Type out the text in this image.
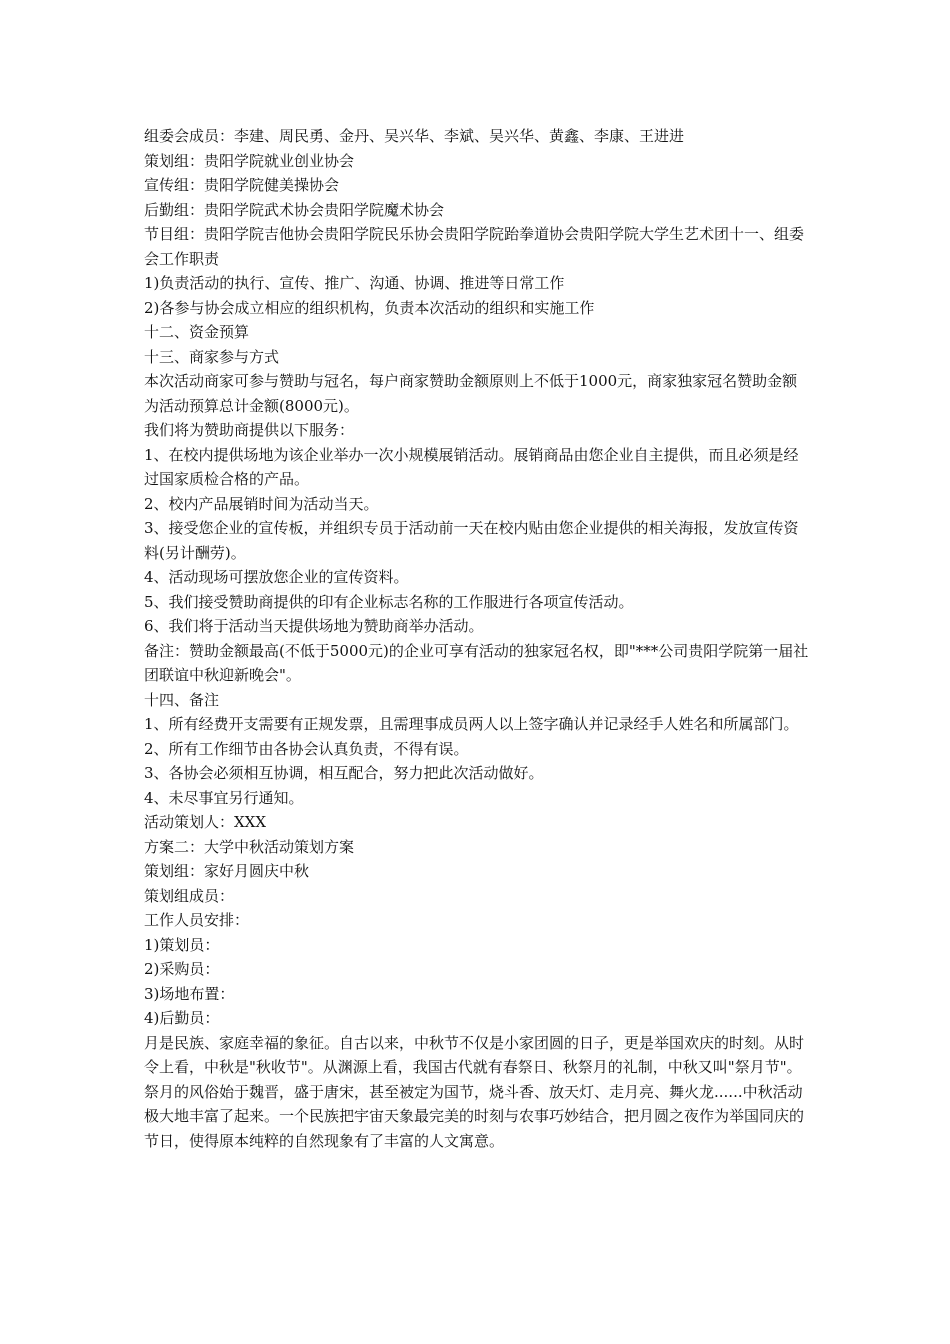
组委会成员：李建、周民勇、金丹、吴兴华、李斌、吴兴华、黄鑫、李康、王进进

策划组：贵阳学院就业创业协会

宣传组：贵阳学院健美操协会

后勤组：贵阳学院武术协会贵阳学院魔术协会

节目组：贵阳学院吉他协会贵阳学院民乐协会贵阳学院跆拳道协会贵阳学院大学生艺术团十一、组委会工作职责

1)负责活动的执行、宣传、推广、沟通、协调、推进等日常工作

2)各参与协会成立相应的组织机构，负责本次活动的组织和实施工作

十二、资金预算

十三、商家参与方式

本次活动商家可参与赞助与冠名，每户商家赞助金额原则上不低于1000元，商家独家冠名赞助金额为活动预算总计金额(8000元)。

我们将为赞助商提供以下服务：

1、在校内提供场地为该企业举办一次小规模展销活动。展销商品由您企业自主提供，而且必须是经过国家质检合格的产品。

2、校内产品展销时间为活动当天。

3、接受您企业的宣传板，并组织专员于活动前一天在校内贴由您企业提供的相关海报，发放宣传资料(另计酬劳)。

4、活动现场可摆放您企业的宣传资料。

5、我们接受赞助商提供的印有企业标志名称的工作服进行各项宣传活动。

6、我们将于活动当天提供场地为赞助商举办活动。

备注：赞助金额最高(不低于5000元)的企业可享有活动的独家冠名权，即"***公司贵阳学院第一届社团联谊中秋迎新晚会"。

十四、备注

1、所有经费开支需要有正规发票，且需理事成员两人以上签字确认并记录经手人姓名和所属部门。

2、所有工作细节由各协会认真负责，不得有误。

3、各协会必须相互协调，相互配合，努力把此次活动做好。

4、未尽事宜另行通知。

活动策划人：XXX

方案二：大学中秋活动策划方案

策划组：家好月圆庆中秋

策划组成员：

工作人员安排：

1)策划员：

2)采购员：

3)场地布置：

4)后勤员：

月是民族、家庭幸福的象征。自古以来，中秋节不仅是小家团圆的日子，更是举国欢庆的时刻。从时令上看，中秋是"秋收节"。从渊源上看，我国古代就有春祭日、秋祭月的礼制，中秋又叫"祭月节"。祭月的风俗始于魏晋，盛于唐宋，甚至被定为国节，烧斗香、放天灯、走月亮、舞火龙......中秋活动极大地丰富了起来。一个民族把宇宙天象最完美的时刻与农事巧妙结合，把月圆之夜作为举国同庆的节日，使得原本纯粹的自然现象有了丰富的人文寓意。
